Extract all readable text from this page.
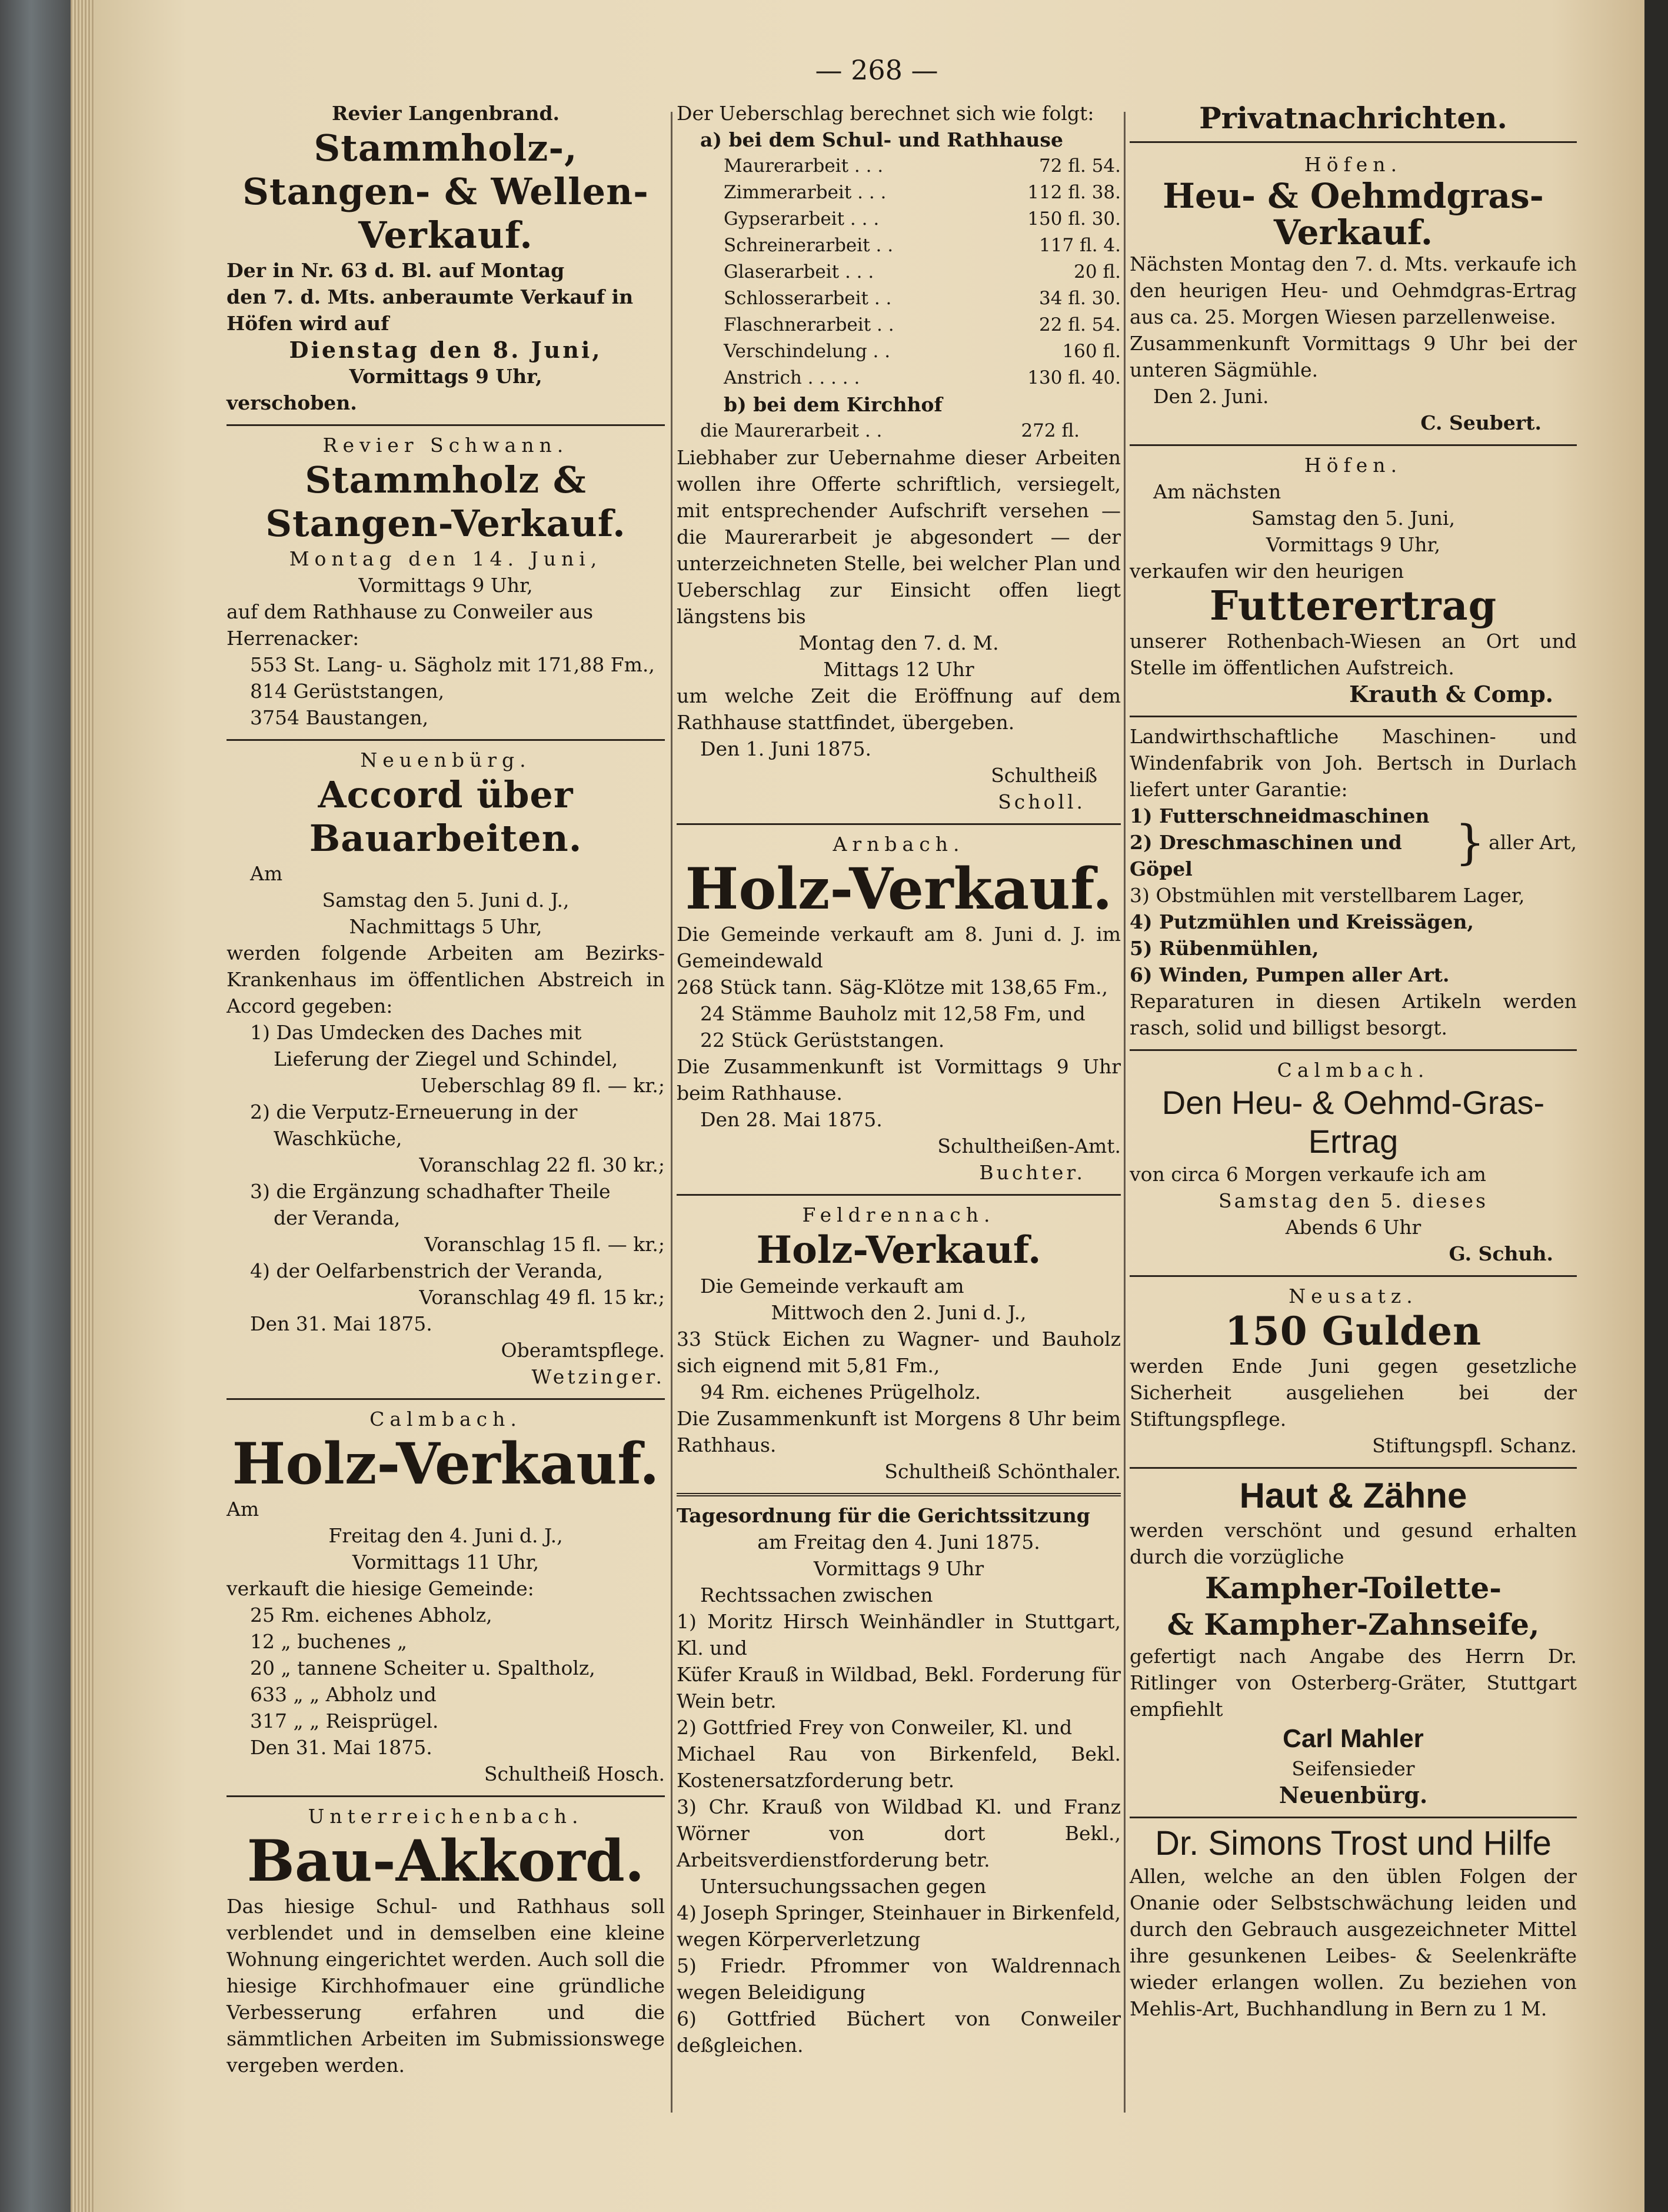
— 268 —

Revier Langenbrand.

Stammholz-, Stangen- & Wellen-Verkauf.

Der in Nr. 63 d. Bl. auf Montag

den 7. d. Mts. anberaumte Verkauf in

Höfen wird auf

Dienstag den 8. Juni,

Vormittags 9 Uhr,

verschoben.

Revier Schwann.

Stammholz & Stangen-Verkauf.

Montag den 14. Juni,

Vormittags 9 Uhr,

auf dem Rathhause zu Conweiler aus

Herrenacker:

553 St. Lang- u. Sägholz mit 171,88 Fm.,

814 Gerüststangen,

3754 Baustangen,

Neuenbürg.

Accord über Bauarbeiten.

Am

Samstag den 5. Juni d. J.,

Nachmittags 5 Uhr,

werden folgende Arbeiten am Bezirks-Krankenhaus im öffentlichen Abstreich in Accord gegeben:

1) Das Umdecken des Daches mit

Lieferung der Ziegel und Schindel,

Ueberschlag 89 fl. — kr.;

2) die Verputz-Erneuerung in der

Waschküche,

Voranschlag 22 fl. 30 kr.;

3) die Ergänzung schadhafter Theile

der Veranda,

Voranschlag 15 fl. — kr.;

4) der Oelfarbenstrich der Veranda,

Voranschlag 49 fl. 15 kr.;

Den 31. Mai 1875.

Oberamtspflege.

Wetzinger.

Calmbach.

Holz-Verkauf.

Am

Freitag den 4. Juni d. J.,

Vormittags 11 Uhr,

verkauft die hiesige Gemeinde:

25 Rm. eichenes Abholz,

12 „ buchenes „

20 „ tannene Scheiter u. Spaltholz,

633 „ „ Abholz und

317 „ „ Reisprügel.

Den 31. Mai 1875.

Schultheiß Hosch.

Unterreichenbach.

Bau-Akkord.

Das hiesige Schul- und Rathhaus soll verblendet und in demselben eine kleine Wohnung eingerichtet werden. Auch soll die hiesige Kirchhofmauer eine gründliche Verbesserung erfahren und die sämmtlichen Arbeiten im Submissionswege vergeben werden.

Der Ueberschlag berechnet sich wie folgt:

a) bei dem Schul- und Rathhause

Maurerarbeit . . .	72 fl. 54.
Zimmerarbeit . . .	112 fl. 38.
Gypserarbeit . . .	150 fl. 30.
Schreinerarbeit . .	117 fl. 4.
Glaserarbeit . . .	20 fl.
Schlosserarbeit . .	34 fl. 30.
Flaschnerarbeit . .	22 fl. 54.
Verschindelung . .	160 fl.
Anstrich . . . . .	130 fl. 40.

b) bei dem Kirchhof

die Maurerarbeit . .	272 fl.

Liebhaber zur Uebernahme dieser Arbeiten wollen ihre Offerte schriftlich, versiegelt, mit entsprechender Aufschrift versehen — die Maurerarbeit je abgesondert — der unterzeichneten Stelle, bei welcher Plan und Ueberschlag zur Einsicht offen liegt längstens bis

Montag den 7. d. M.

Mittags 12 Uhr

um welche Zeit die Eröffnung auf dem Rathhause stattfindet, übergeben.

Den 1. Juni 1875.

Schultheiß

Scholl.

Arnbach.

Holz-Verkauf.

Die Gemeinde verkauft am 8. Juni d. J. im Gemeindewald

268 Stück tann. Säg-Klötze mit 138,65 Fm.,

24 Stämme Bauholz mit 12,58 Fm, und

22 Stück Gerüststangen.

Die Zusammenkunft ist Vormittags 9 Uhr beim Rathhause.

Den 28. Mai 1875.

Schultheißen-Amt.

Buchter.

Feldrennach.

Holz-Verkauf.

Die Gemeinde verkauft am

Mittwoch den 2. Juni d. J.,

33 Stück Eichen zu Wagner- und Bauholz sich eignend mit 5,81 Fm.,

94 Rm. eichenes Prügelholz.

Die Zusammenkunft ist Morgens 8 Uhr beim Rathhaus.

Schultheiß Schönthaler.

Tagesordnung für die Gerichtssitzung

am Freitag den 4. Juni 1875.

Vormittags 9 Uhr

Rechtssachen zwischen

1) Moritz Hirsch Weinhändler in Stuttgart, Kl. und

Küfer Krauß in Wildbad, Bekl. Forderung für Wein betr.

2) Gottfried Frey von Conweiler, Kl. und

Michael Rau von Birkenfeld, Bekl. Kostenersatzforderung betr.

3) Chr. Krauß von Wildbad Kl. und Franz Wörner von dort Bekl., Arbeitsverdienstforderung betr.

Untersuchungssachen gegen

4) Joseph Springer, Steinhauer in Birkenfeld, wegen Körperverletzung

5) Friedr. Pfrommer von Waldrennach wegen Beleidigung

6) Gottfried Büchert von Conweiler deßgleichen.

Privatnachrichten.

Höfen.

Heu- & Oehmdgras-Verkauf.

Nächsten Montag den 7. d. Mts. verkaufe ich den heurigen Heu- und Oehmdgras-Ertrag aus ca. 25. Morgen Wiesen parzellenweise.

Zusammenkunft Vormittags 9 Uhr bei der unteren Sägmühle.

Den 2. Juni.

C. Seubert.

Höfen.

Am nächsten

Samstag den 5. Juni,

Vormittags 9 Uhr,

verkaufen wir den heurigen

Futterertrag

unserer Rothenbach-Wiesen an Ort und Stelle im öffentlichen Aufstreich.

Krauth & Comp.

Landwirthschaftliche Maschinen- und Windenfabrik von Joh. Bertsch in Durlach liefert unter Garantie:

1) Futterschneidmaschinen

2) Dreschmaschinen und Göpel	} aller Art,

3) Obstmühlen mit verstellbarem Lager,

4) Putzmühlen und Kreissägen,

5) Rübenmühlen,

6) Winden, Pumpen aller Art.

Reparaturen in diesen Artikeln werden rasch, solid und billigst besorgt.

Calmbach.

Den Heu- & Oehmd-Gras-

Ertrag

von circa 6 Morgen verkaufe ich am

Samstag den 5. dieses

Abends 6 Uhr

G. Schuh.

Neusatz.

150 Gulden

werden Ende Juni gegen gesetzliche Sicherheit ausgeliehen bei der Stiftungspflege.

Stiftungspfl. Schanz.

Haut & Zähne

werden verschönt und gesund erhalten durch die vorzügliche

Kampher-Toilette-

& Kampher-Zahnseife,

gefertigt nach Angabe des Herrn Dr. Ritlinger von Osterberg-Gräter, Stuttgart empfiehlt

Carl Mahler

Seifensieder

Neuenbürg.

Dr. Simons Trost und Hilfe

Allen, welche an den üblen Folgen der Onanie oder Selbstschwächung leiden und durch den Gebrauch ausgezeichneter Mittel ihre gesunkenen Leibes- & Seelenkräfte wieder erlangen wollen. Zu beziehen von Mehlis-Art, Buchhandlung in Bern zu 1 M.
